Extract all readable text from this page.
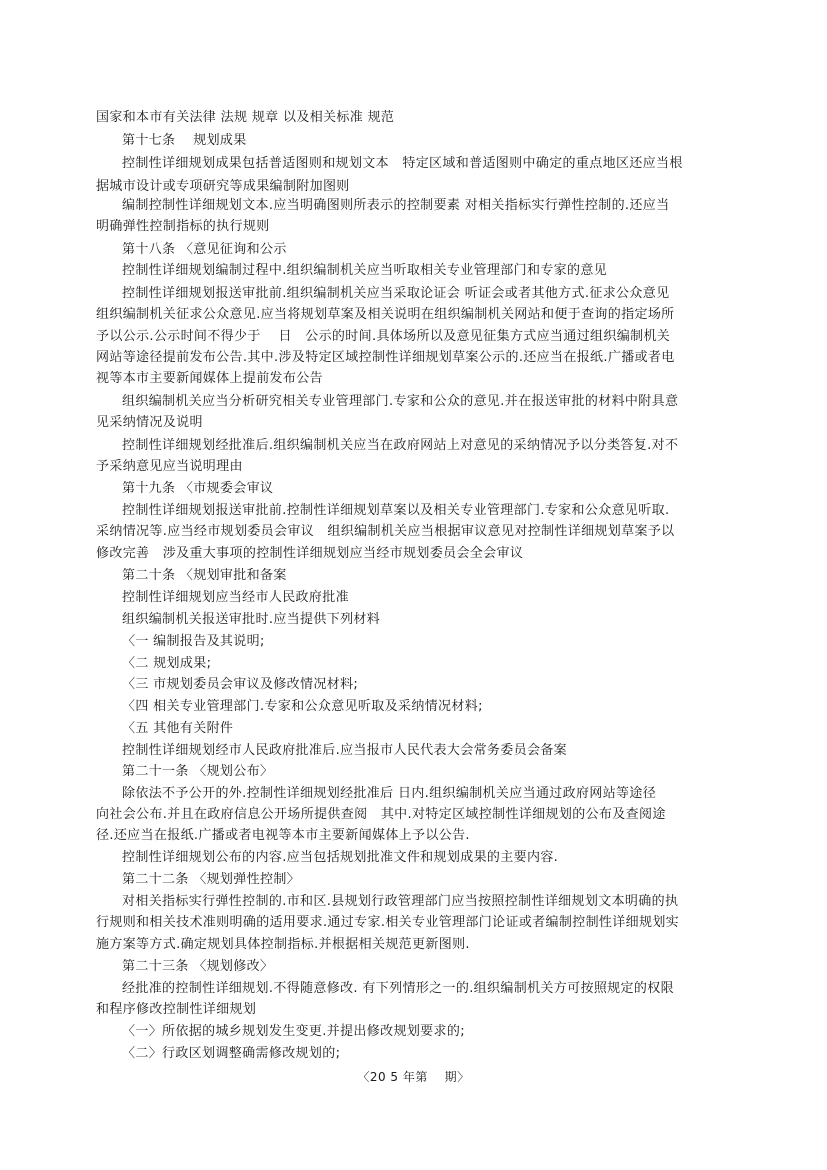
国家和本市有关法律 法规 规章 以及相关标准 规范
第十七条　 规划成果
控制性详细规划成果包括普适图则和规划文本　特定区域和普适图则中确定的重点地区还应当根
据城市设计或专项研究等成果编制附加图则
编制控制性详细规划文本.应当明确图则所表示的控制要素 对相关指标实行弹性控制的.还应当
明确弹性控制指标的执行规则
第十八条 〈意见征询和公示
控制性详细规划编制过程中.组织编制机关应当听取相关专业管理部门和专家的意见
控制性详细规划报送审批前.组织编制机关应当采取论证会 听证会或者其他方式.征求公众意见
组织编制机关征求公众意见.应当将规划草案及相关说明在组织编制机关网站和便于查询的指定场所
予以公示.公示时间不得少于　 日　公示的时间.具体场所以及意见征集方式应当通过组织编制机关
网站等途径提前发布公告.其中.涉及特定区域控制性详细规划草案公示的.还应当在报纸.广播或者电
视等本市主要新闻媒体上提前发布公告
组织编制机关应当分析研究相关专业管理部门.专家和公众的意见.并在报送审批的材料中附具意
见采纳情况及说明
控制性详细规划经批准后.组织编制机关应当在政府网站上对意见的采纳情况予以分类答复.对不
予采纳意见应当说明理由
第十九条 〈市规委会审议
控制性详细规划报送审批前.控制性详细规划草案以及相关专业管理部门.专家和公众意见听取.
采纳情况等.应当经市规划委员会审议　组织编制机关应当根据审议意见对控制性详细规划草案予以
修改完善　涉及重大事项的控制性详细规划应当经市规划委员会全会审议
第二十条 〈规划审批和备案
控制性详细规划应当经市人民政府批准
组织编制机关报送审批时.应当提供下列材料
〈一 编制报告及其说明;
〈二 规划成果;
〈三 市规划委员会审议及修改情况材料;
〈四 相关专业管理部门.专家和公众意见听取及采纳情况材料;
〈五 其他有关附件
控制性详细规划经市人民政府批准后.应当报市人民代表大会常务委员会备案
第二十一条 〈规划公布〉
除依法不予公开的外.控制性详细规划经批准后 日内.组织编制机关应当通过政府网站等途径
向社会公布.并且在政府信息公开场所提供查阅　其中.对特定区域控制性详细规划的公布及查阅途
径.还应当在报纸.广播或者电视等本市主要新闻媒体上予以公告.
控制性详细规划公布的内容.应当包括规划批准文件和规划成果的主要内容.
第二十二条 〈规划弹性控制〉
对相关指标实行弹性控制的.市和区.县规划行政管理部门应当按照控制性详细规划文本明确的执
行规则和相关技术准则明确的适用要求.通过专家.相关专业管理部门论证或者编制控制性详细规划实
施方案等方式.确定规划具体控制指标.并根据相关规范更新图则.
第二十三条 〈规划修改〉
经批准的控制性详细规划.不得随意修改. 有下列情形之一的.组织编制机关方可按照规定的权限
和程序修改控制性详细规划
〈一〉所依据的城乡规划发生变更.并提出修改规划要求的;
〈二〉行政区划调整确需修改规划的;
〈20 5 年第　 期〉
